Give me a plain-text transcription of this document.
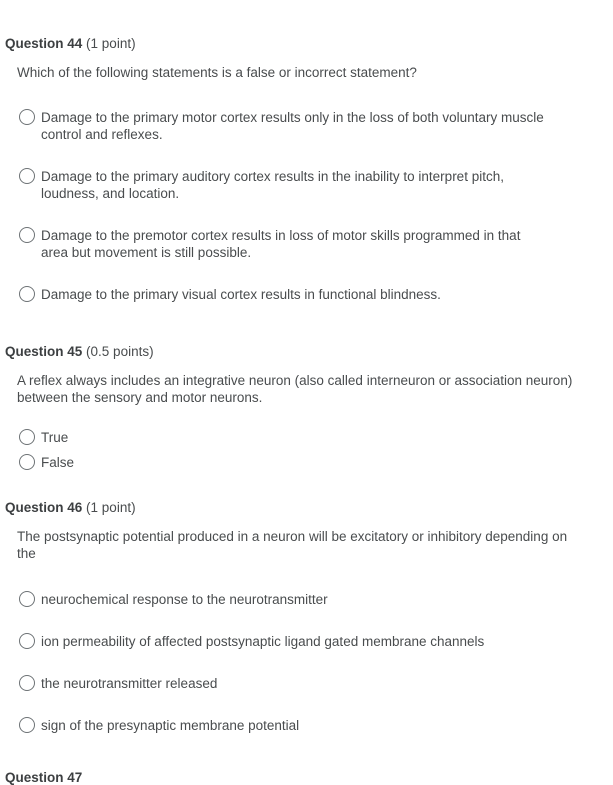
Question 44 (1 point)
Which of the following statements is a false or incorrect statement?
Damage to the primary motor cortex results only in the loss of both voluntary muscle control and reflexes.
Damage to the primary auditory cortex results in the inability to interpret pitch, loudness, and location.
Damage to the premotor cortex results in loss of motor skills programmed in that area but movement is still possible.
Damage to the primary visual cortex results in functional blindness.
Question 45 (0.5 points)
A reflex always includes an integrative neuron (also called interneuron or association neuron) between the sensory and motor neurons.
True
False
Question 46 (1 point)
The postsynaptic potential produced in a neuron will be excitatory or inhibitory depending on the
neurochemical response to the neurotransmitter
ion permeability of affected postsynaptic ligand gated membrane channels
the neurotransmitter released
sign of the presynaptic membrane potential
Question 47
